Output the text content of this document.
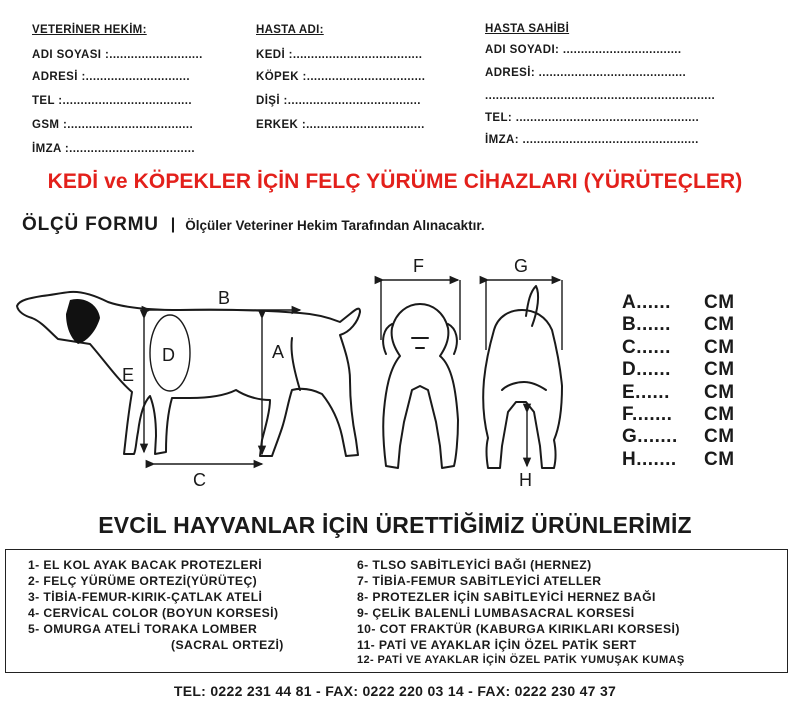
VETERİNER HEKİM:
ADI SOYASI :..........................
ADRESİ :.............................
TEL :....................................
GSM :...................................
İMZA :...................................
HASTA ADI:
KEDİ :....................................
KÖPEK :.................................
DİŞİ :.....................................
ERKEK :.................................
HASTA SAHİBİ
ADI SOYADI: .................................
ADRESİ: .........................................
................................................................
TEL: ...................................................
İMZA: .................................................
KEDİ ve KÖPEKLER İÇİN FELÇ YÜRÜME CİHAZLARI (YÜRÜTEÇLER)
ÖLÇÜ FORMU | Ölçüler Veteriner Hekim Tarafından Alınacaktır.
B
A
D
E
C
F	G
H
A...... CM
B...... CM
C...... CM
D...... CM
E...... CM
F....... CM
G....... CM
H....... CM
EVCİL HAYVANLAR İÇİN ÜRETTİĞİMİZ ÜRÜNLERİMİZ
1- EL KOL AYAK BACAK PROTEZLERİ
2- FELÇ YÜRÜME ORTEZİ(YÜRÜTEÇ)
3- TİBİA-FEMUR-KIRIK-ÇATLAK ATELİ
4- CERVİCAL COLOR (BOYUN KORSESİ)
5- OMURGA ATELİ TORAKA LOMBER
(SACRAL ORTEZİ)
6- TLSO SABİTLEYİCİ BAĞI (HERNEZ)
7- TİBİA-FEMUR SABİTLEYİCİ ATELLER
8- PROTEZLER İÇİN SABİTLEYİCİ HERNEZ BAĞI
9- ÇELİK BALENLİ LUMBASACRAL KORSESİ
10- COT FRAKTÜR (KABURGA KIRIKLARI KORSESİ)
11- PATİ VE AYAKLAR İÇİN ÖZEL PATİK SERT
12- PATİ VE AYAKLAR İÇİN ÖZEL PATİK YUMUŞAK KUMAŞ
TEL: 0222 231 44 81 - FAX: 0222 220 03 14 - FAX: 0222 230 47 37
